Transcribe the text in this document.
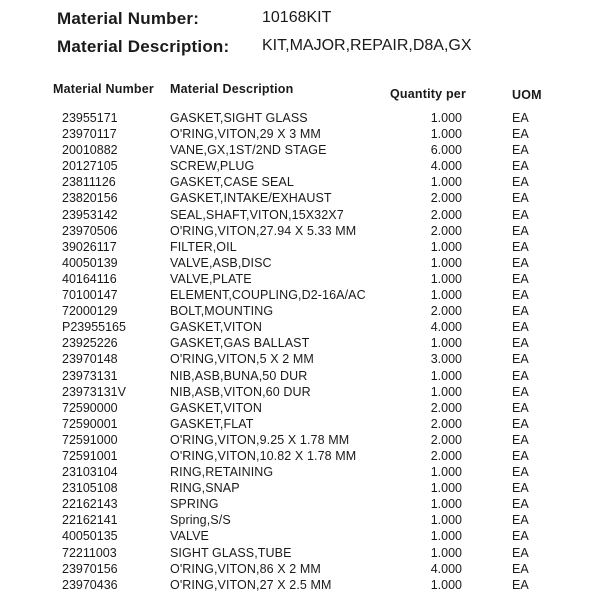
Material Number:	10168KIT
Material Description: KIT,MAJOR,REPAIR,D8A,GX
Material Number Material Description	Quantity per	UOM
23955171	GASKET,SIGHT GLASS	1.000	EA
23970117	O'RING,VITON,29 X 3 MM	1.000	EA
20010882	VANE,GX,1ST/2ND STAGE	6.000	EA
20127105	SCREW,PLUG	4.000	EA
23811126	GASKET,CASE SEAL	1.000	EA
23820156	GASKET,INTAKE/EXHAUST	2.000	EA
23953142	SEAL,SHAFT,VITON,15X32X7	2.000	EA
23970506	O'RING,VITON,27.94 X 5.33 MM	2.000	EA
39026117	FILTER,OIL	1.000	EA
40050139	VALVE,ASB,DISC	1.000	EA
40164116	VALVE,PLATE	1.000	EA
70100147	ELEMENT,COUPLING,D2-16A/AC	1.000	EA
72000129	BOLT,MOUNTING	2.000	EA
P23955165	GASKET,VITON	4.000	EA
23925226	GASKET,GAS BALLAST	1.000	EA
23970148	O'RING,VITON,5 X 2 MM	3.000	EA
23973131	NIB,ASB,BUNA,50 DUR	1.000	EA
23973131V	NIB,ASB,VITON,60 DUR	1.000	EA
72590000	GASKET,VITON	2.000	EA
72590001	GASKET,FLAT	2.000	EA
72591000	O'RING,VITON,9.25 X 1.78 MM	2.000	EA
72591001	O'RING,VITON,10.82 X 1.78 MM	2.000	EA
23103104	RING,RETAINING	1.000	EA
23105108	RING,SNAP	1.000	EA
22162143	SPRING	1.000	EA
22162141	Spring,S/S	1.000	EA
40050135	VALVE	1.000	EA
72211003	SIGHT GLASS,TUBE	1.000	EA
23970156	O'RING,VITON,86 X 2 MM	4.000	EA
23970436	O'RING,VITON,27 X 2.5 MM	1.000	EA
